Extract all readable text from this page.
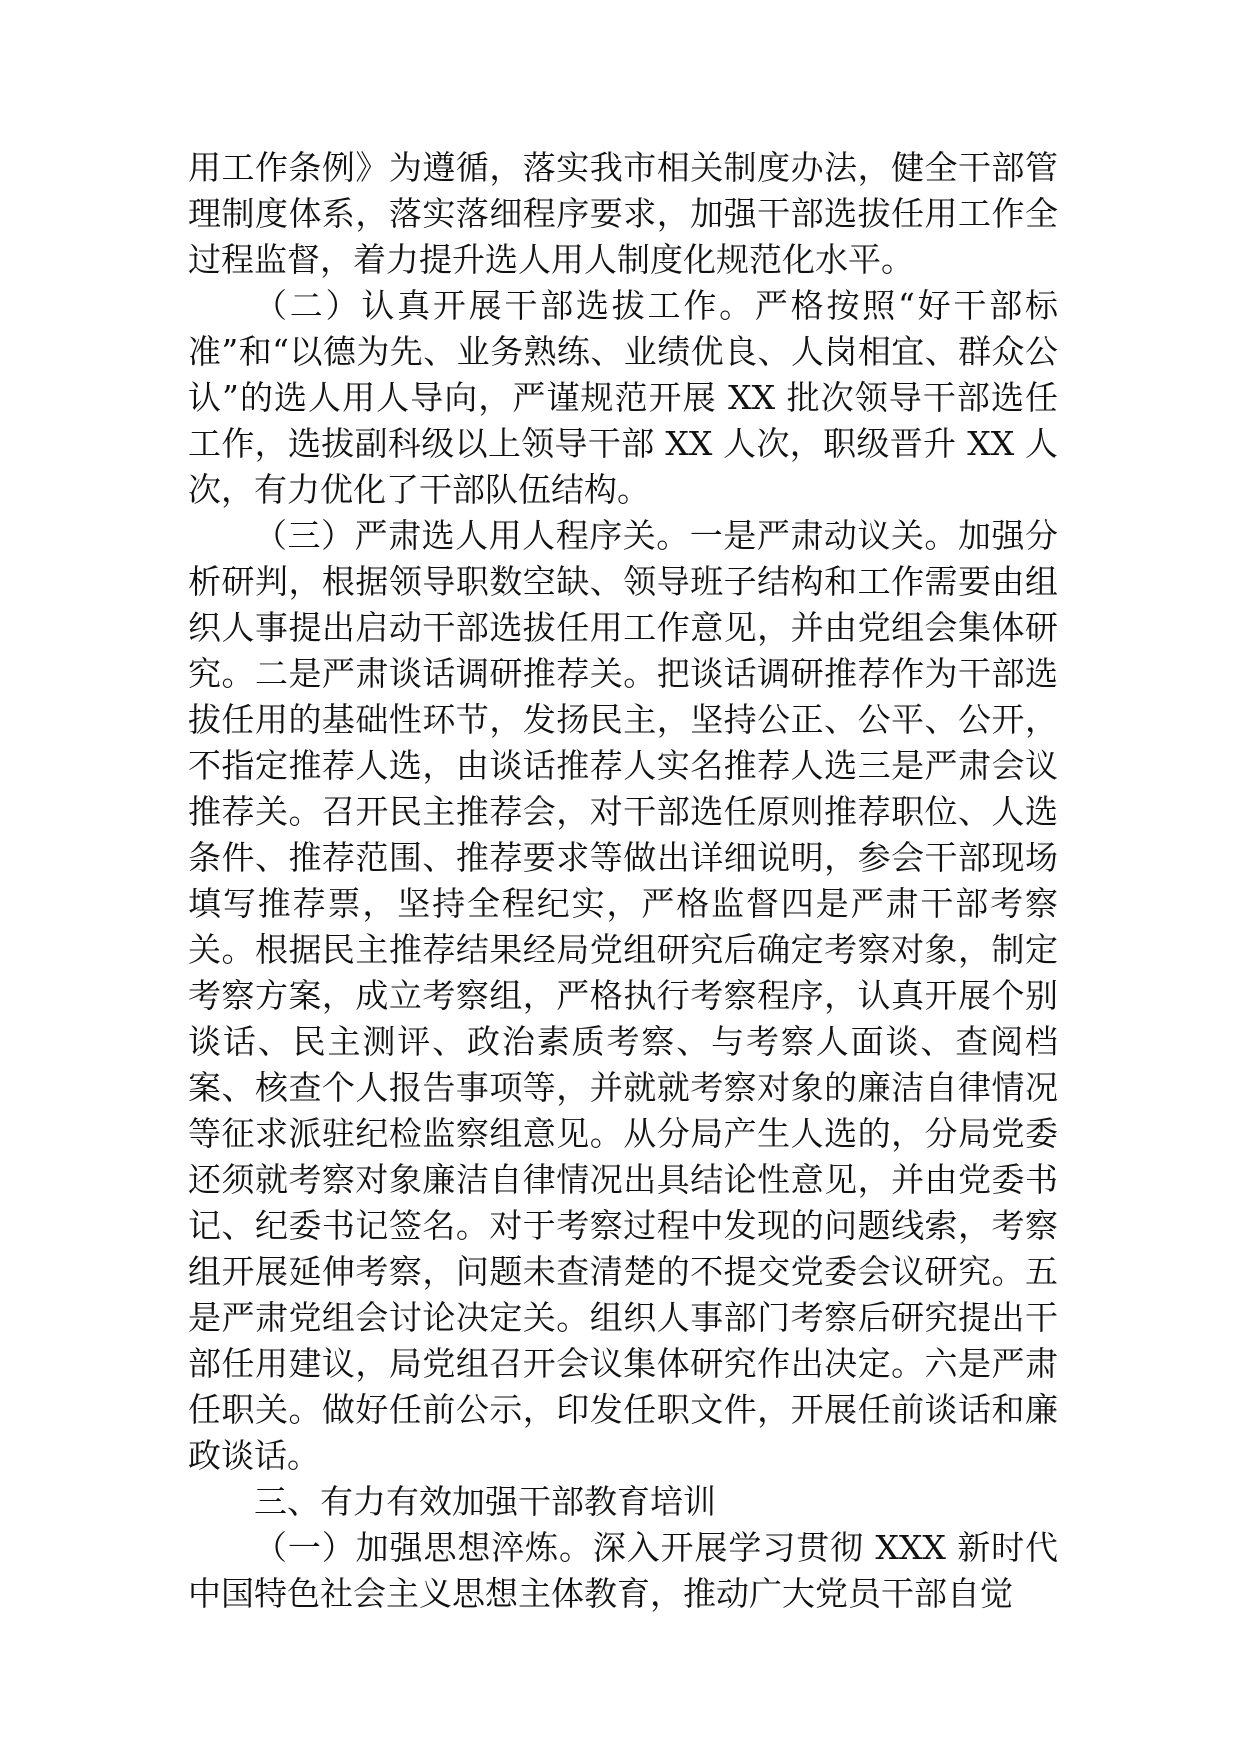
用工作条例》为遵循，落实我市相关制度办法，健全干部管理制度体系，落实落细程序要求，加强干部选拔任用工作全过程监督，着力提升选人用人制度化规范化水平。

（二）认真开展干部选拔工作。严格按照“好干部标准”和“以德为先、业务熟练、业绩优良、人岗相宜、群众公认”的选人用人导向，严谨规范开展 XX 批次领导干部选任工作，选拔副科级以上领导干部 XX 人次，职级晋升 XX 人次，有力优化了干部队伍结构。

（三）严肃选人用人程序关。一是严肃动议关。加强分析研判，根据领导职数空缺、领导班子结构和工作需要由组织人事提出启动干部选拔任用工作意见，并由党组会集体研究。二是严肃谈话调研推荐关。把谈话调研推荐作为干部选拔任用的基础性环节，发扬民主，坚持公正、公平、公开，不指定推荐人选，由谈话推荐人实名推荐人选三是严肃会议推荐关。召开民主推荐会，对干部选任原则推荐职位、人选条件、推荐范围、推荐要求等做出详细说明，参会干部现场填写推荐票，坚持全程纪实，严格监督四是严肃干部考察关。根据民主推荐结果经局党组研究后确定考察对象，制定考察方案，成立考察组，严格执行考察程序，认真开展个别谈话、民主测评、政治素质考察、与考察人面谈、查阅档案、核查个人报告事项等，并就就考察对象的廉洁自律情况等征求派驻纪检监察组意见。从分局产生人选的，分局党委还须就考察对象廉洁自律情况出具结论性意见，并由党委书记、纪委书记签名。对于考察过程中发现的问题线索，考察组开展延伸考察，问题未查清楚的不提交党委会议研究。五是严肃党组会讨论决定关。组织人事部门考察后研究提出干部任用建议，局党组召开会议集体研究作出决定。六是严肃任职关。做好任前公示，印发任职文件，开展任前谈话和廉政谈话。

三、有力有效加强干部教育培训

（一）加强思想淬炼。深入开展学习贯彻 XXX 新时代中国特色社会主义思想主体教育，推动广大党员干部自觉
